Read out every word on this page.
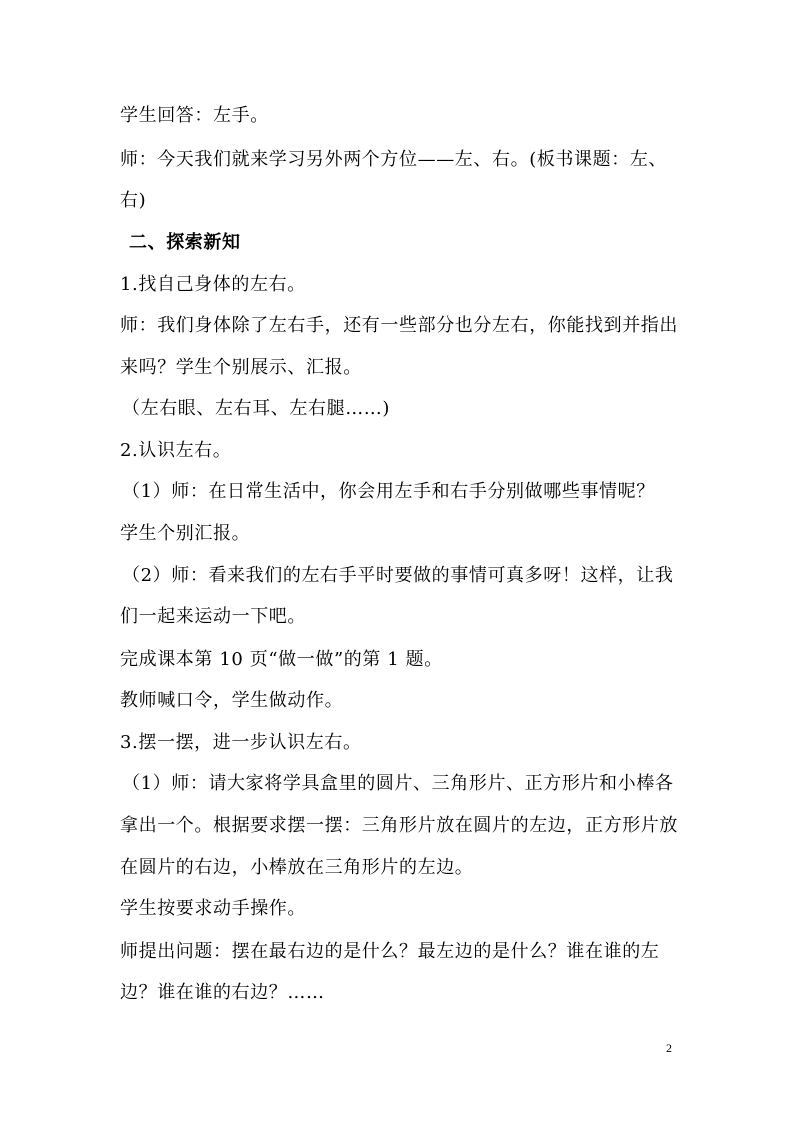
学生回答：左手。
师：今天我们就来学习另外两个方位——左、右。(板书课题：左、
右)
二、探索新知
1.找自己身体的左右。
师：我们身体除了左右手，还有一些部分也分左右，你能找到并指出
来吗？学生个别展示、汇报。
（左右眼、左右耳、左右腿……)
2.认识左右。
（1）师：在日常生活中，你会用左手和右手分别做哪些事情呢？
学生个别汇报。
（2）师：看来我们的左右手平时要做的事情可真多呀！这样，让我
们一起来运动一下吧。
完成课本第 10 页“做一做”的第 1 题。
教师喊口令，学生做动作。
3.摆一摆，进一步认识左右。
（1）师：请大家将学具盒里的圆片、三角形片、正方形片和小棒各
拿出一个。根据要求摆一摆：三角形片放在圆片的左边，正方形片放
在圆片的右边，小棒放在三角形片的左边。
学生按要求动手操作。
师提出问题：摆在最右边的是什么？最左边的是什么？谁在谁的左
边？谁在谁的右边？……
2
